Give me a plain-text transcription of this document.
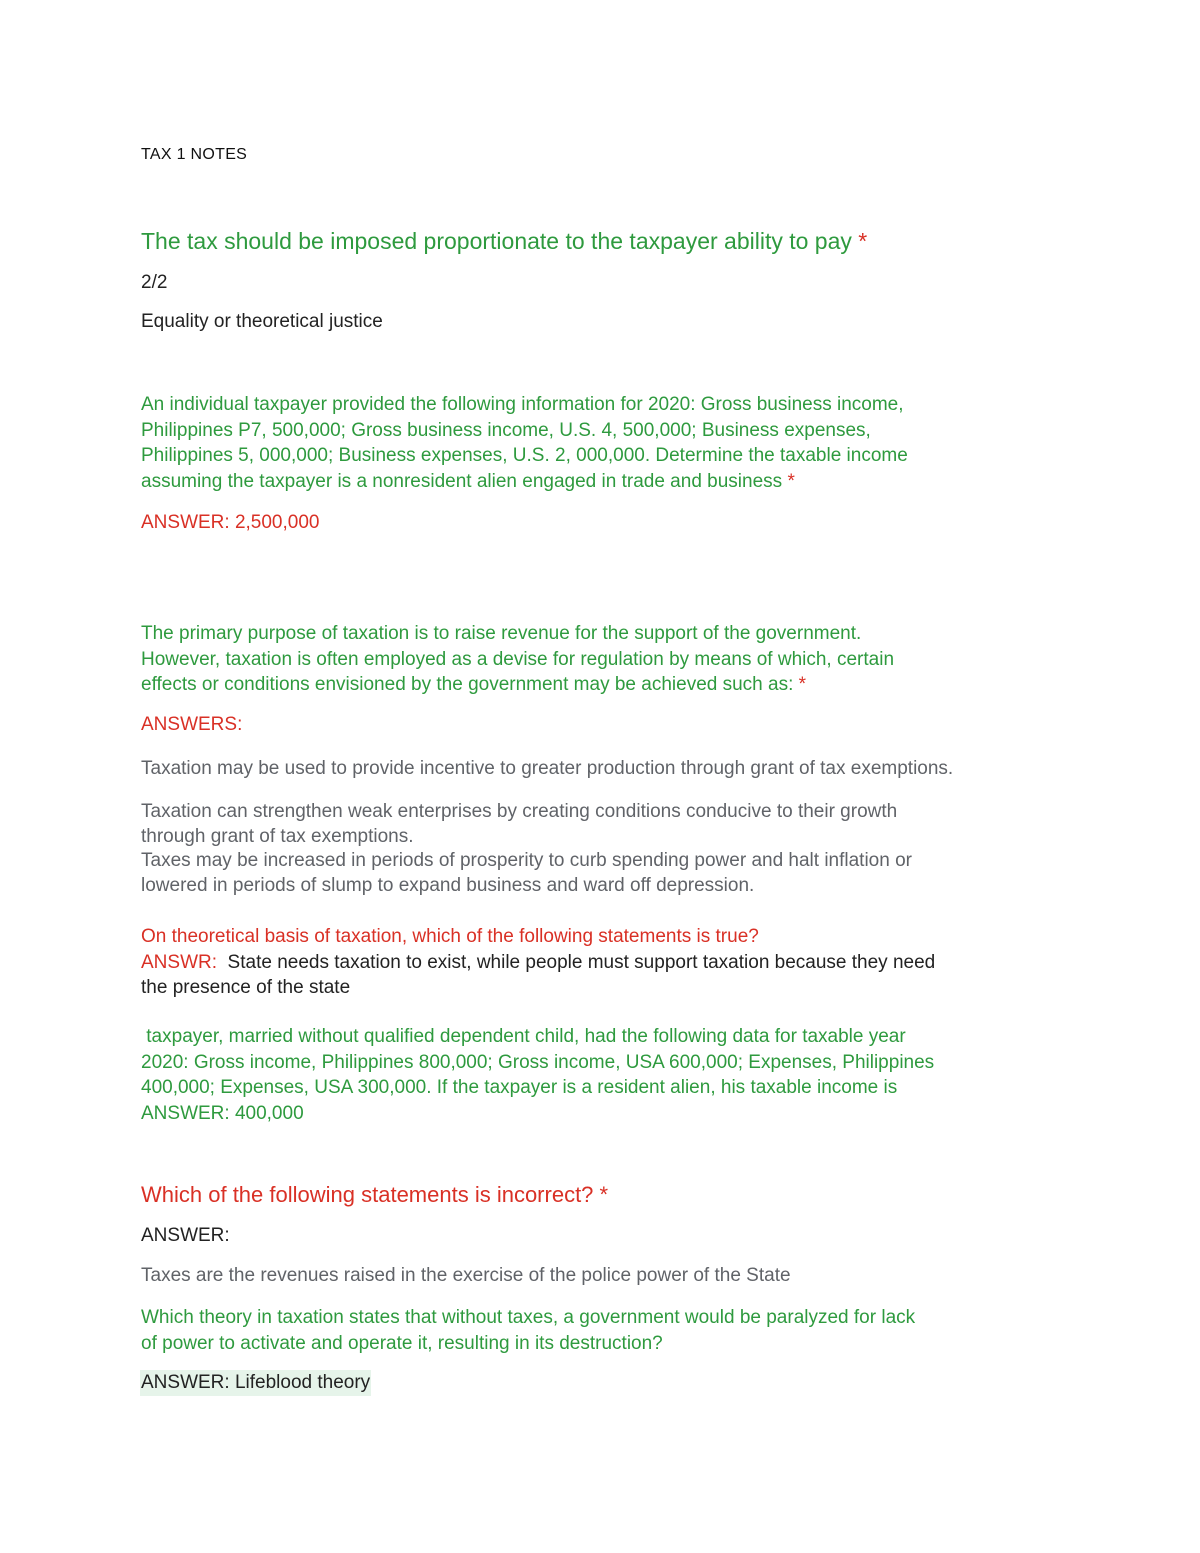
TAX 1 NOTES

The tax should be imposed proportionate to the taxpayer ability to pay *

2/2

Equality or theoretical justice

An individual taxpayer provided the following information for 2020: Gross business income,
Philippines P7, 500,000; Gross business income, U.S. 4, 500,000; Business expenses,
Philippines 5, 000,000; Business expenses, U.S. 2, 000,000. Determine the taxable income
assuming the taxpayer is a nonresident alien engaged in trade and business *

ANSWER: 2,500,000

The primary purpose of taxation is to raise revenue for the support of the government.
However, taxation is often employed as a devise for regulation by means of which, certain
effects or conditions envisioned by the government may be achieved such as: *

ANSWERS:

Taxation may be used to provide incentive to greater production through grant of tax exemptions.

Taxation can strengthen weak enterprises by creating conditions conducive to their growth
through grant of tax exemptions.

Taxes may be increased in periods of prosperity to curb spending power and halt inflation or
lowered in periods of slump to expand business and ward off depression.

On theoretical basis of taxation, which of the following statements is true?
ANSWR:  State needs taxation to exist, while people must support taxation because they need
the presence of the state

taxpayer, married without qualified dependent child, had the following data for taxable year
2020: Gross income, Philippines 800,000; Gross income, USA 600,000; Expenses, Philippines
400,000; Expenses, USA 300,000. If the taxpayer is a resident alien, his taxable income is
ANSWER: 400,000

Which of the following statements is incorrect? *

ANSWER:

Taxes are the revenues raised in the exercise of the police power of the State

Which theory in taxation states that without taxes, a government would be paralyzed for lack
of power to activate and operate it, resulting in its destruction?

ANSWER: Lifeblood theory
